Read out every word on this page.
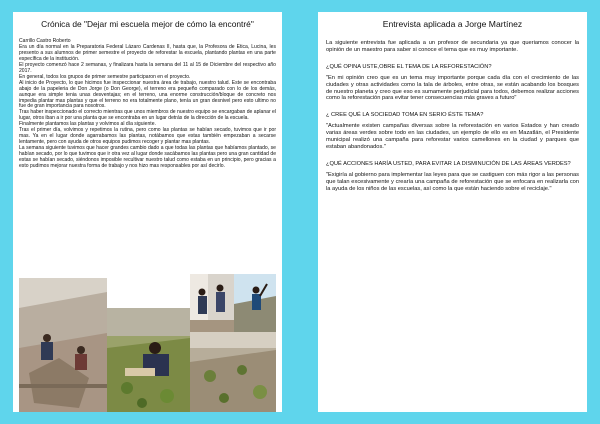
Crónica de "Dejar mi escuela mejor de cómo la encontré"

Carrillo Castro Roberto

Era un día normal en la Preparatoria Federal Lázaro Cardenas II, hasta que, la Profesora de Etica, Lucina, les presento a sus alumnos de primer semestre el proyecto de reforestar la escuela, plantando plantas en una parte específica de la institución.

El proyecto comenzó hace 2 semanas, y finalizara hasta la semana del 11 al 15 de Diciembre del respectivo año 2017.

En general, todos los grupos de primer semestre participaron en el proyecto.

Al inicio de Proyecto, lo que hicimos fue inspeccionar nuestra área de trabajo, nuestro talud. Este se encontraba abajo de la papeleria de Don Jorge (o Don George), el terreno era pequeño comparado con lo de los demás, aunque era simple tenia unas desventajas; en el terreno, una enorme construcción/bloque de concreto nos impedia plantar mas plantas y que el terreno no era totalmente plano, tenía un gran desnivel pero esto ultimo no fue de gran importancia para nosotros.

Tras haber inspeccionado el correcto mientras que unos miembros de nuestro equipo se encargaban de aplanar el lugar, otros iban a ir por una planta que se encontraba en un lugar detrás de la dirección de la escuela.

Finalmente plantamos las plantas y volvimos al día siguiente.

Tras el primer día, volvimos y repetimos la rutina, pero como las plantas se habían secado, tuvimos que ir por mas. Ya en el lugar donde agarrabamos las plantas, notábamos que estas también empezaban a secarse lentamente, pero con ayuda de otros equipos pudimos recoger y plantar mas plantas.

La semana siguiente tuvimos que hacer grandes cambio dado a que todas las plantas que habíamos plantado, se habían secado, por lo que tuvimos que ir otra vez al lugar donde sacábamos las plantas pero una gran cantidad de estas se habían secado, siéndonos imposible recultivar nuestro talud como estaba en un principio, pero gracias a esto pudimos mejorar nuestra forma de trabajo y nos hizo mas responsables por así decirlo.

Entrevista aplicada a Jorge Martínez

La siguiente entrevista fue aplicada a un profesor de secundaria ya que queriamos conocer la opinión de un maestro para saber si conoce el tema que es muy importante.

¿QUÉ OPINA USTE,OBRE EL TEMA DE LA REFORESTACIÓN?

"En mi opinión creo que es un tema muy importante porque cada día con el crecimiento de las ciudades y otras actividades como la tala de árboles, entre otras, se están acabando los bosques de nuestro planeta y creo que eso es sumamente perjudicial para todos, debemos realizar acciones como la reforestación para evitar tener consecuencias más graves a futuro"

¿ CREE QUÉ LA SOCIEDAD TOMA EN SERIO ÉSTE TEMA?

"Actualmente existen campañas diversas sobre la reforestación en varios Estados y han creado varias áreas verdes sobre todo en las ciudades, un ejemplo de ello es en Mazatlán, el Presidente municipal realizó una campaña para reforestar varios camellones en la ciudad y parques que estaban abandonados."

¿QUÉ ACCIONES HARÍA USTED, PARA EVITAR LA DISMINUCIÓN DE LAS ÁREAS VERDES?

"Exigiría al gobierno para implementar las leyes para que se castiguen con más rigor a las personas que talan excesivamente y crearía una campaña de reforestación que se enfocara en realizarla con la ayuda de los niños de las escuelas, así como la que están haciendo sobre el reciclaje."
